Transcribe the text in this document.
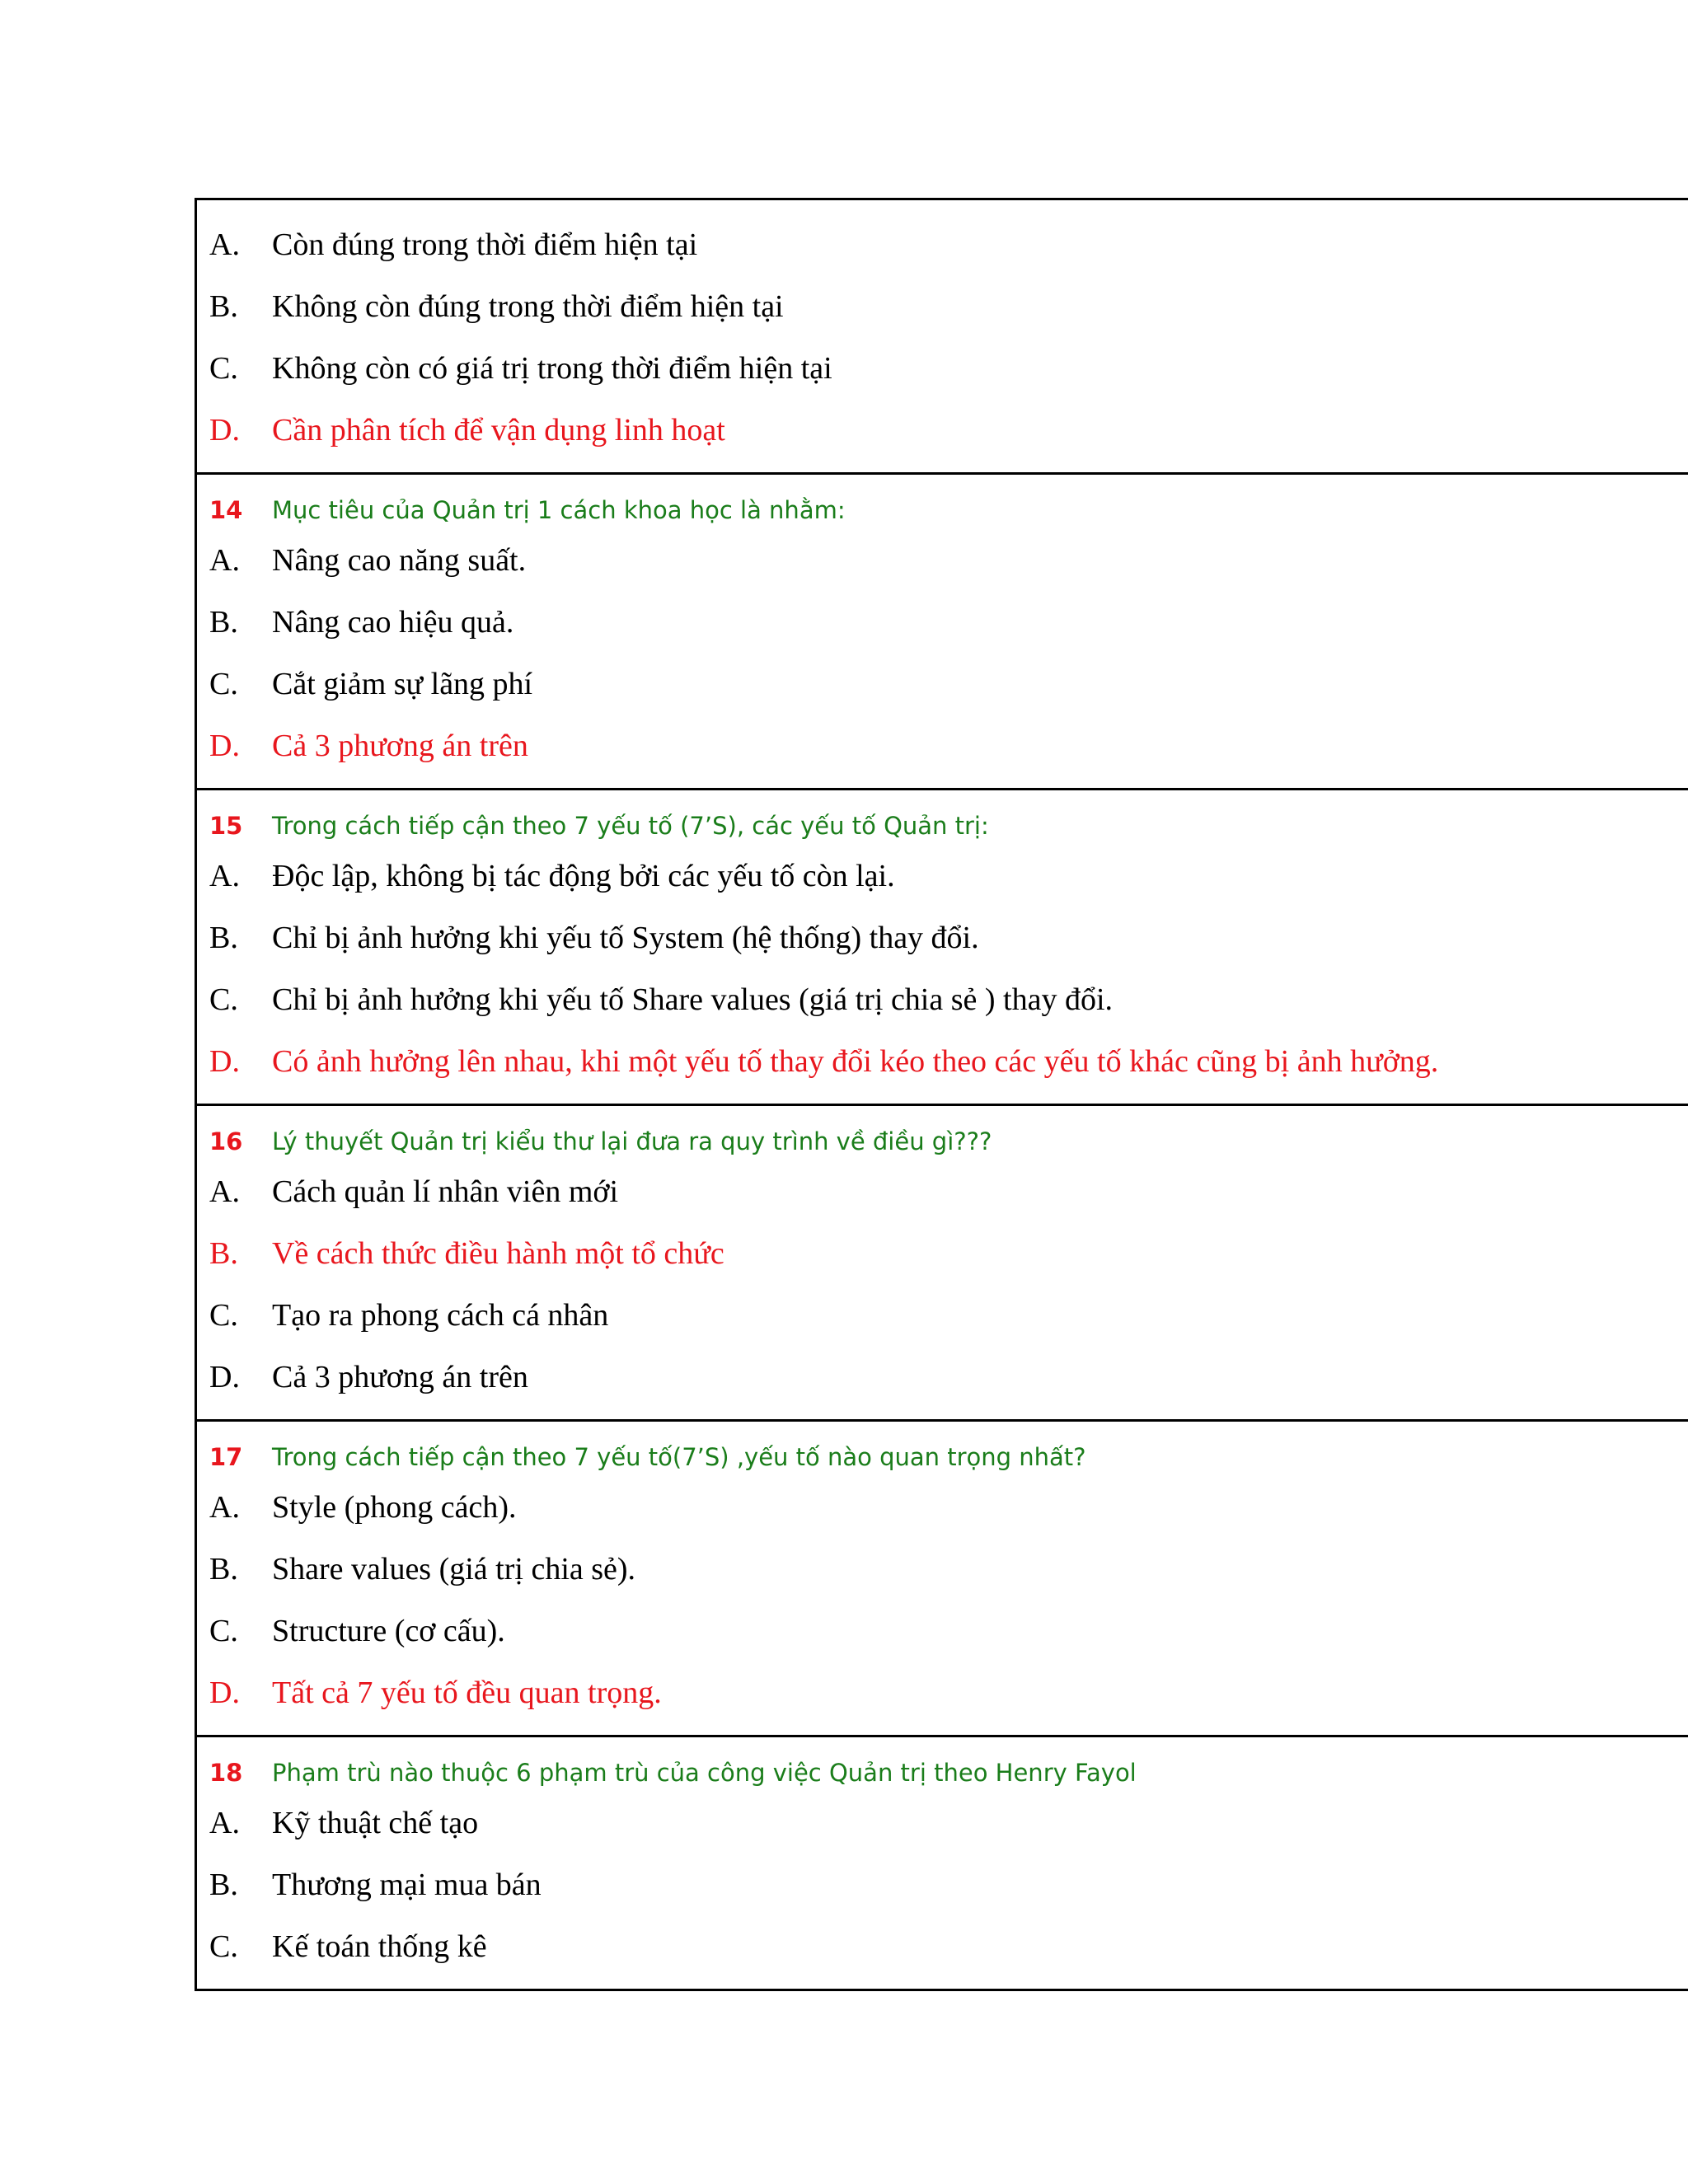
A.	Còn đúng trong thời điểm hiện tại
B.	Không còn đúng trong thời điểm hiện tại
C.	Không còn có giá trị trong thời điểm hiện tại
D.	Cần phân tích để vận dụng linh hoạt
14	Mục tiêu của Quản trị 1 cách khoa học là nhằm:
A.	Nâng cao năng suất.
B.	Nâng cao hiệu quả.
C.	Cắt giảm sự lãng phí
D.	Cả 3 phương án trên
15	Trong cách tiếp cận theo 7 yếu tố (7’S), các yếu tố Quản trị:
A.	Độc lập, không bị tác động bởi các yếu tố còn lại.
B.	Chỉ bị ảnh hưởng khi yếu tố System (hệ thống) thay đổi.
C.	Chỉ bị ảnh hưởng khi yếu tố Share values (giá trị chia sẻ ) thay đổi.
D.	Có ảnh hưởng lên nhau, khi một yếu tố thay đổi kéo theo các yếu tố khác cũng bị ảnh hưởng.
16	Lý thuyết Quản trị kiểu thư lại đưa ra quy trình về điều gì???
A.	Cách quản lí nhân viên mới
B.	Về cách thức điều hành một tổ chức
C.	Tạo ra phong cách cá nhân
D.	Cả 3 phương án trên
17	Trong cách tiếp cận theo 7 yếu tố(7’S) ,yếu tố nào quan trọng nhất?
A.	Style (phong cách).
B.	Share values (giá trị chia sẻ).
C.	Structure (cơ cấu).
D.	Tất cả 7 yếu tố đều quan trọng.
18	Phạm trù nào thuộc 6 phạm trù của công việc Quản trị theo Henry Fayol
A.	Kỹ thuật chế tạo
B.	Thương mại mua bán
C.	Kế toán thống kê
